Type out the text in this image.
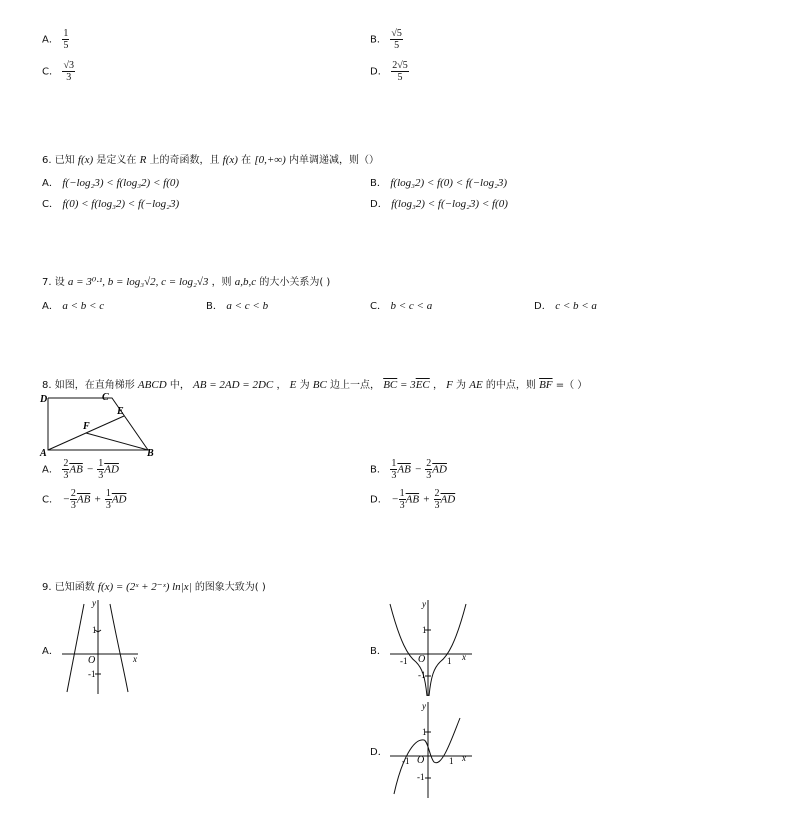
A． $\frac{1}{5}$	B． $\frac{√5}{5}$
C． $\frac{√3}{3}$	D． $\frac{2√5}{5}$
6. 已知 f(x) 是定义在 R 上的奇函数，且 f(x) 在 [0,+∞) 内单调递减，则（）
A． f(−log₂3) < f(log₃2) < f(0)	B． f(log₃2) < f(0) < f(−log₂3)
C． f(0) < f(log₃2) < f(−log₂3)	D． f(log₃2) < f(−log₂3) < f(0)
7. 设 a = 3⁰·¹, b = log₃√2, c = log₂√3 ，则 a,b,c 的大小关系为( )
A． a < b < c	B． a < c < b	C． b < c < a	D． c < b < a
8. 如图，在直角梯形 ABCD 中， AB = 2AD = 2DC ， E 为 BC 边上一点， $\overline{BC} = 3\overline{EC}$ ， F 为 AE 的中点，则 $\overline{BF}$ =（ ）
D	C
E
F
A	B
A． $\frac{2}{3} \overline{AB} - \frac{1}{3} \overline{AD}$	B． $\frac{1}{3} \overline{AB} - \frac{2}{3} \overline{AD}$
C． − $\frac{2}{3} \overline{AB} + \frac{1}{3} \overline{AD}$	D． − $\frac{1}{3} \overline{AB} + \frac{2}{3} \overline{AD}$
9. 已知函数 f(x) = (2ˣ + 2⁻ˣ) ln|x| 的图象大致为( )
A．
y
x
O
1
-1
B．
y
x
O
1
-1	1
-1
D．
y
x
O
1
-1	1
-1
